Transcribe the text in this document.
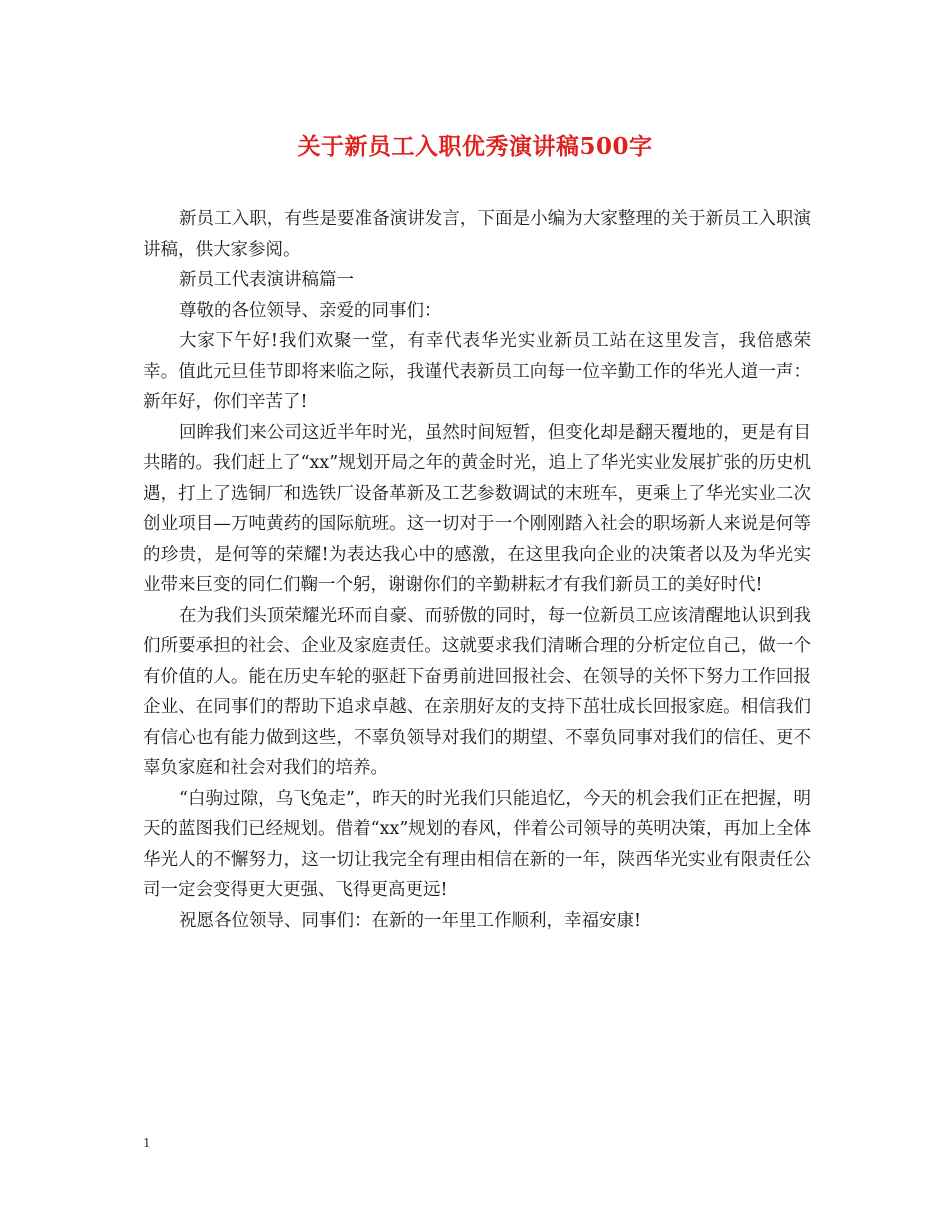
关于新员工入职优秀演讲稿500字

新员工入职，有些是要准备演讲发言，下面是小编为大家整理的关于新员工入职演讲稿，供大家参阅。

新员工代表演讲稿篇一

尊敬的各位领导、亲爱的同事们：

大家下午好!我们欢聚一堂，有幸代表华光实业新员工站在这里发言，我倍感荣幸。值此元旦佳节即将来临之际，我谨代表新员工向每一位辛勤工作的华光人道一声：新年好，你们辛苦了!

回眸我们来公司这近半年时光，虽然时间短暂，但变化却是翻天覆地的，更是有目共睹的。我们赶上了“xx”规划开局之年的黄金时光，追上了华光实业发展扩张的历史机遇，打上了选铜厂和选铁厂设备革新及工艺参数调试的末班车，更乘上了华光实业二次创业项目—万吨黄药的国际航班。这一切对于一个刚刚踏入社会的职场新人来说是何等的珍贵，是何等的荣耀!为表达我心中的感激，在这里我向企业的决策者以及为华光实业带来巨变的同仁们鞠一个躬，谢谢你们的辛勤耕耘才有我们新员工的美好时代!

在为我们头顶荣耀光环而自豪、而骄傲的同时，每一位新员工应该清醒地认识到我们所要承担的社会、企业及家庭责任。这就要求我们清晰合理的分析定位自己，做一个有价值的人。能在历史车轮的驱赶下奋勇前进回报社会、在领导的关怀下努力工作回报企业、在同事们的帮助下追求卓越、在亲朋好友的支持下茁壮成长回报家庭。相信我们有信心也有能力做到这些，不辜负领导对我们的期望、不辜负同事对我们的信任、更不辜负家庭和社会对我们的培养。

“白驹过隙，乌飞兔走”，昨天的时光我们只能追忆，今天的机会我们正在把握，明天的蓝图我们已经规划。借着“xx”规划的春风，伴着公司领导的英明决策，再加上全体华光人的不懈努力，这一切让我完全有理由相信在新的一年，陕西华光实业有限责任公司一定会变得更大更强、飞得更高更远!

祝愿各位领导、同事们：在新的一年里工作顺利，幸福安康!

1
